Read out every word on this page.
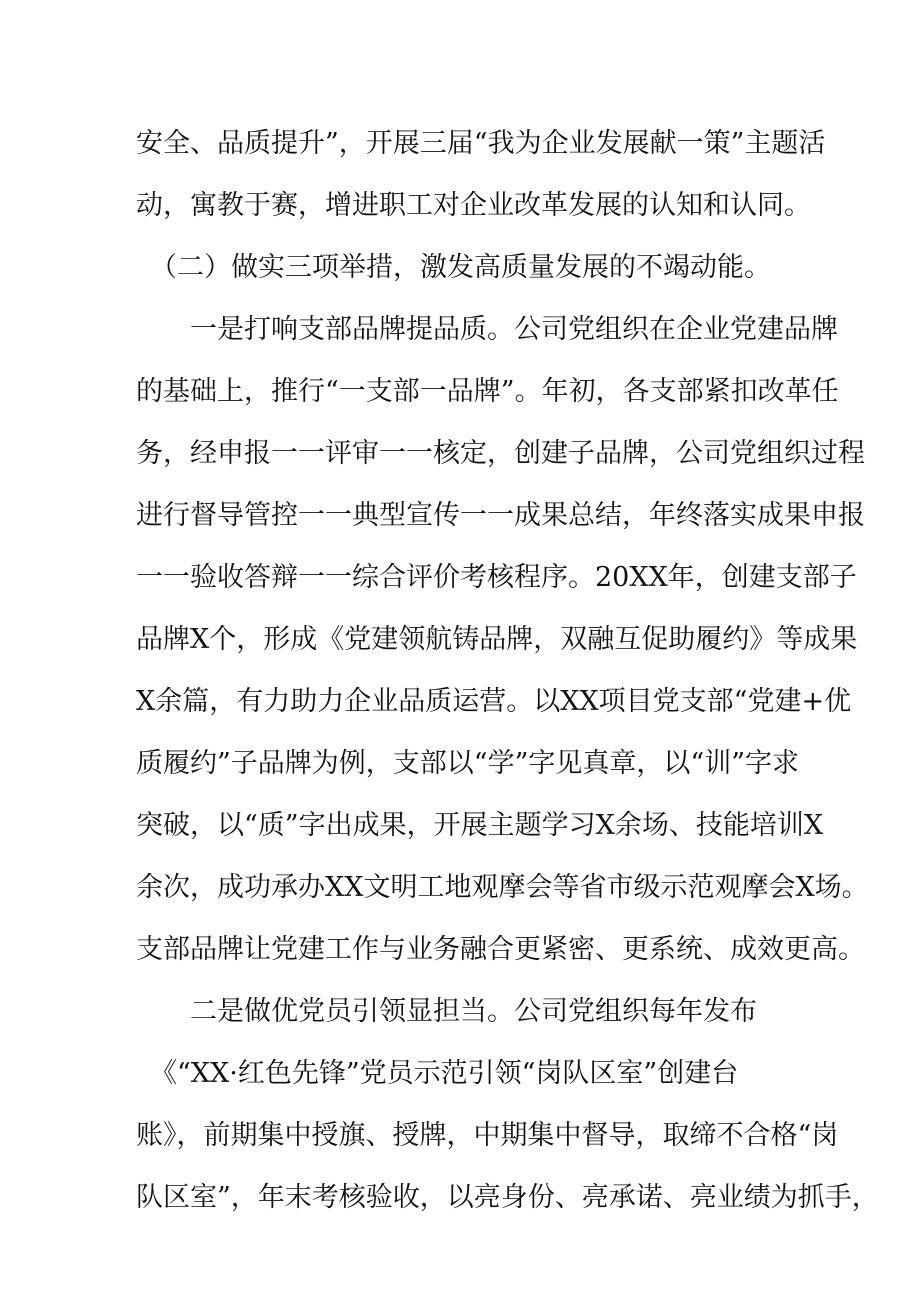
安全、品质提升”，开展三届“我为企业发展献一策”主题活
动，寓教于赛，增进职工对企业改革发展的认知和认同。
（二）做实三项举措，激发高质量发展的不竭动能。
一是打响支部品牌提品质。公司党组织在企业党建品牌
的基础上，推行“一支部一品牌”。年初，各支部紧扣改革任
务，经申报一一评审一一核定，创建子品牌，公司党组织过程
进行督导管控一一典型宣传一一成果总结，年终落实成果申报
一一验收答辩一一综合评价考核程序。20XX年，创建支部子
品牌X个，形成《党建领航铸品牌，双融互促助履约》等成果
X余篇，有力助力企业品质运营。以XX项目党支部“党建+优
质履约”子品牌为例，支部以“学”字见真章，以“训”字求
突破，以“质”字出成果，开展主题学习X余场、技能培训X
余次，成功承办XX文明工地观摩会等省市级示范观摩会X场。
支部品牌让党建工作与业务融合更紧密、更系统、成效更高。
二是做优党员引领显担当。公司党组织每年发布
《“XX·红色先锋”党员示范引领“岗队区室”创建台
账》，前期集中授旗、授牌，中期集中督导，取缔不合格“岗
队区室”，年末考核验收，以亮身份、亮承诺、亮业绩为抓手，
